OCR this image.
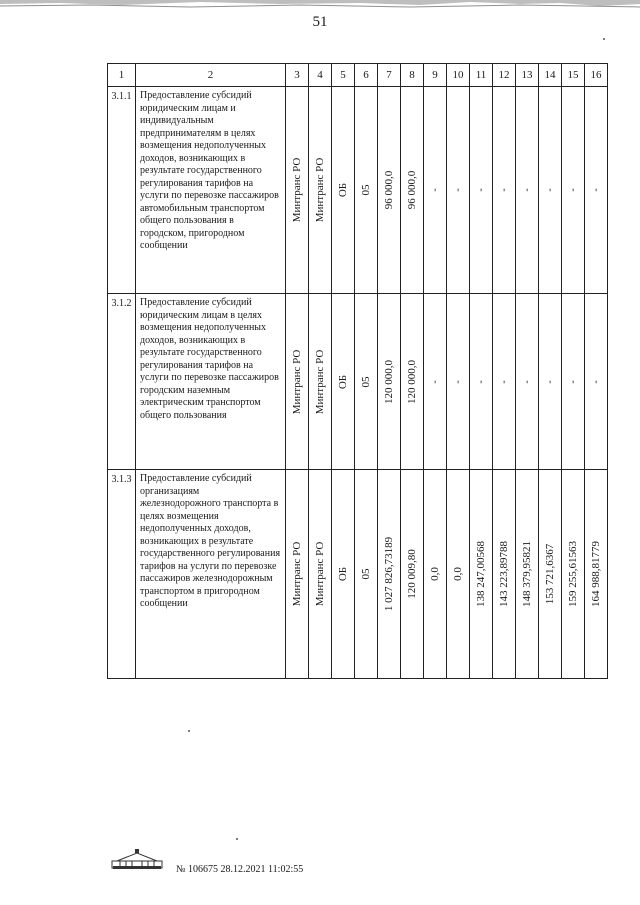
51
1	2	3	4	5	6	7	8	9	10	11	12	13	14	15	16
3.1.1	Предоставление субсидий юридическим лицам и индивидуальным предпринимателям в целях возмещения недополученных доходов, возникающих в результате государственного регулирования тарифов на услуги по перевозке пассажиров автомобильным транспортом общего пользования в городском, пригородном сообщении	Минтранс РО	Минтранс РО	ОБ	05	96 000,0	96 000,0	-	-	-	-	-	-	-	-

3.1.2	Предоставление субсидий юридическим лицам в целях возмещения недополученных доходов, возникающих в результате государственного регулирования тарифов на услуги по перевозке пассажиров городским наземным электрическим транспортом общего пользования	Минтранс РО	Минтранс РО	ОБ	05	120 000,0	120 000,0	-	-	-	-	-	-	-	-

3.1.3	Предоставление субсидий организациям железнодорожного транспорта в целях возмещения недополученных доходов, возникающих в результате государственного регулирования тарифов на услуги по перевозке пассажиров железнодорожным транспортом в пригородном сообщении	Минтранс РО	Минтранс РО	ОБ	05	1 027 826,73189	120 009,80	0,0	0,0	138 247,00568	143 223,89788	148 379,95821	153 721,6367	159 255,61563	164 988,81779
№ 106675 28.12.2021 11:02:55
